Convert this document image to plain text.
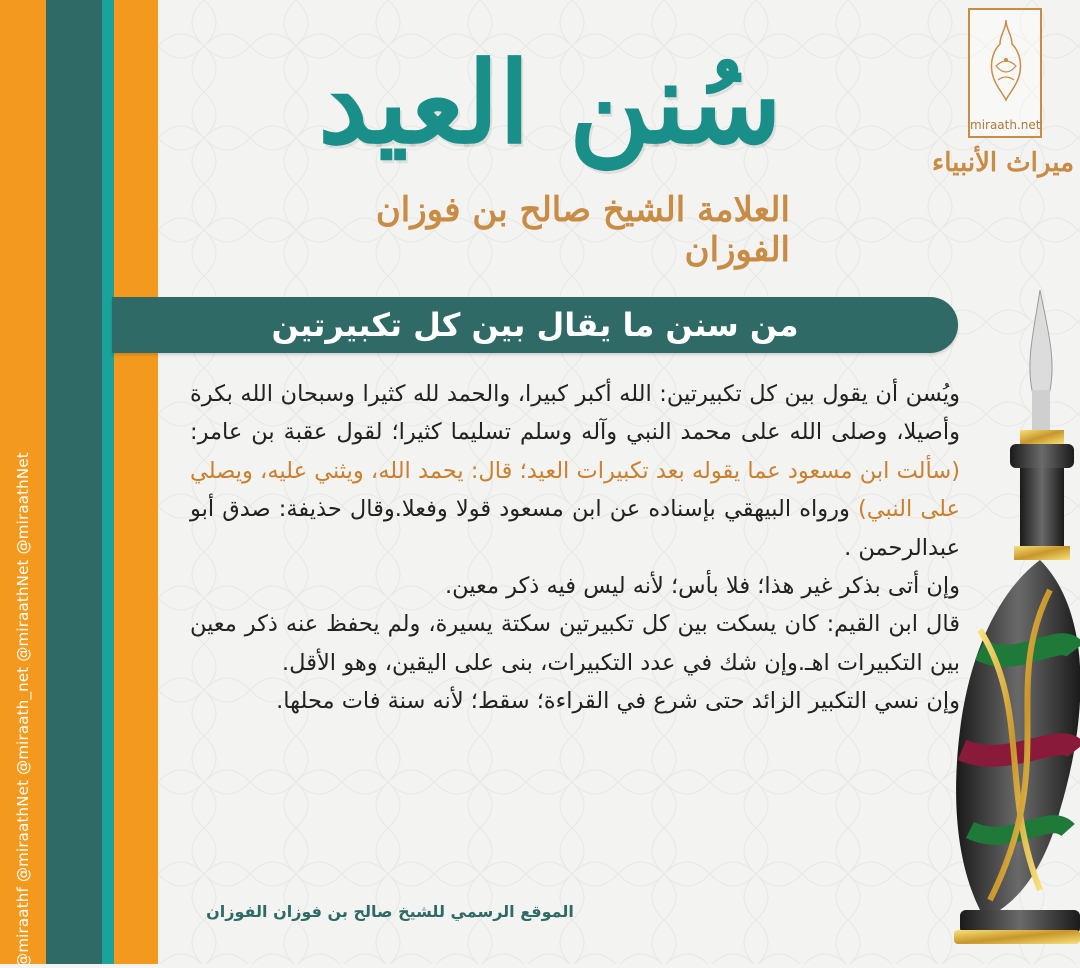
@miraathf @miraathNet @miraath_net @miraathNet @miraathNet
سُنن العيد
العلامة الشيخ صالح بن فوزان الفوزان
miraath.net
ميراث الأنبياء
من سنن ما يقال بين كل تكبيرتين

ويُسن أن يقول بين كل تكبيرتين: الله أكبر كبيرا، والحمد لله كثيرا وسبحان الله بكرة وأصيلا، وصلى الله على محمد النبي وآله وسلم تسليما كثيرا؛ لقول عقبة بن عامر: (سألت ابن مسعود عما يقوله بعد تكبيرات العيد؛ قال: يحمد الله، ويثني عليه، ويصلي على النبي) ورواه البيهقي بإسناده عن ابن مسعود قولا وفعلا.وقال حذيفة: صدق أبو عبدالرحمن .

وإن أتى بذكر غير هذا؛ فلا بأس؛ لأنه ليس فيه ذكر معين.

قال ابن القيم: كان يسكت بين كل تكبيرتين سكتة يسيرة، ولم يحفظ عنه ذكر معين بين التكبيرات اهـ.وإن شك في عدد التكبيرات، بنى على اليقين، وهو الأقل.

وإن نسي التكبير الزائد حتى شرع في القراءة؛ سقط؛ لأنه سنة فات محلها.

الموقع الرسمي للشيخ صالح بن فوزان الفوزان
